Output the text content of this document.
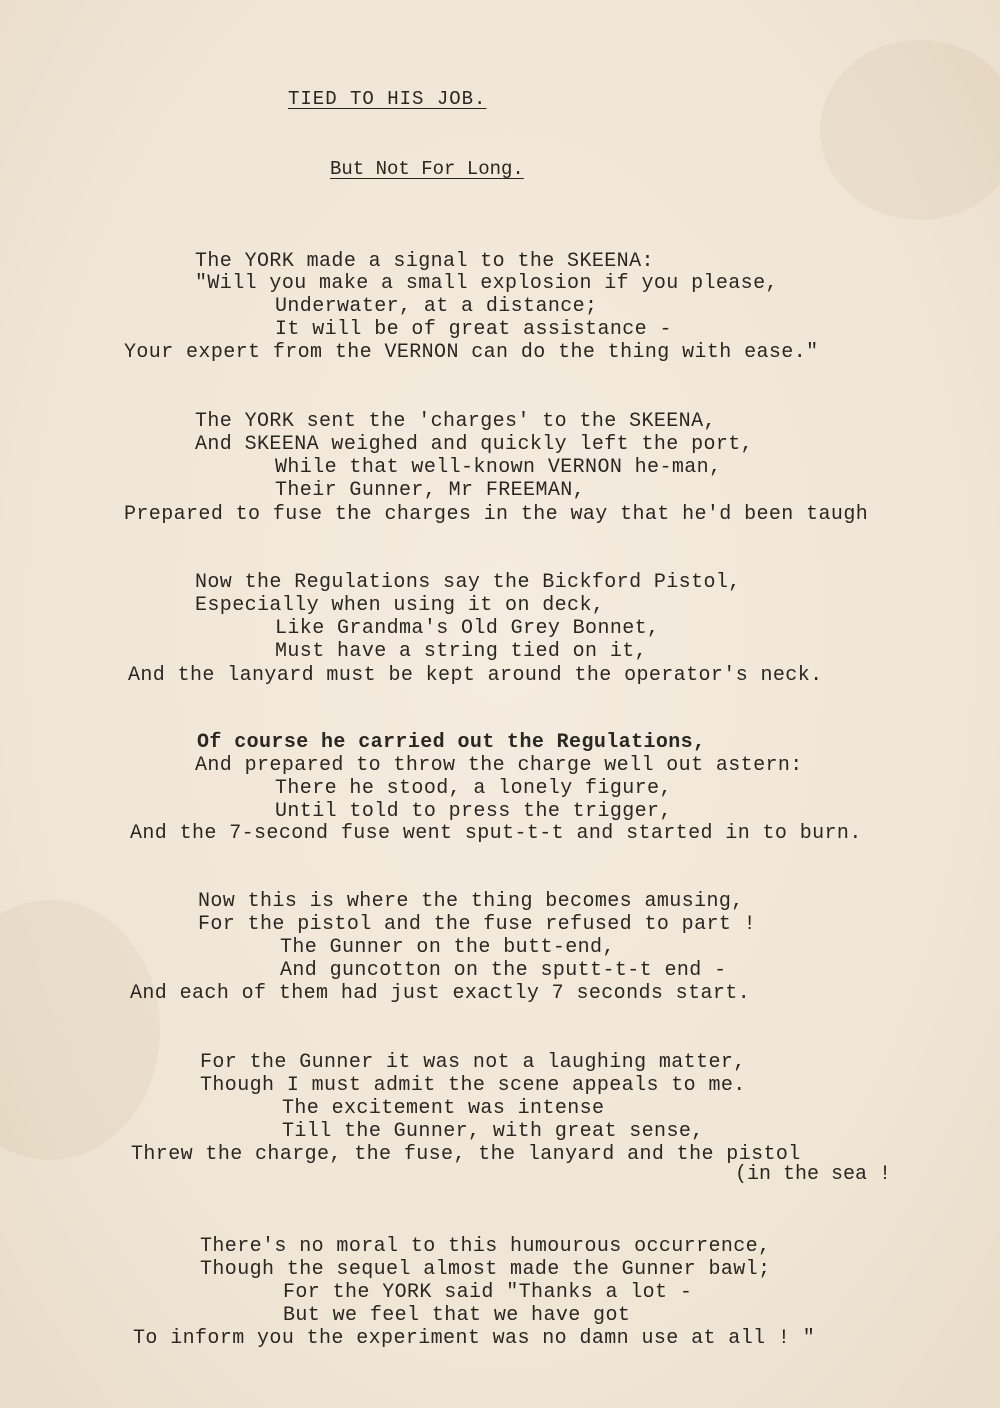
TIED TO HIS JOB.
But Not For Long.
The YORK made a signal to the SKEENA:
"Will you make a small explosion if you please,
Underwater, at a distance;
It will be of great assistance -
Your expert from the VERNON can do the thing with ease."
The YORK sent the 'charges' to the SKEENA,
And SKEENA weighed and quickly left the port,
While that well-known VERNON he-man,
Their Gunner, Mr FREEMAN,
Prepared to fuse the charges in the way that he'd been taugh
Now the Regulations say the Bickford Pistol,
Especially when using it on deck,
Like Grandma's Old Grey Bonnet,
Must have a string tied on it,
And the lanyard must be kept around the operator's neck.
Of course he carried out the Regulations,
And prepared to throw the charge well out astern:
There he stood, a lonely figure,
Until told to press the trigger,
And the 7-second fuse went sput-t-t and started in to burn.
Now this is where the thing becomes amusing,
For the pistol and the fuse refused to part !
The Gunner on the butt-end,
And guncotton on the sputt-t-t end -
And each of them had just exactly 7 seconds start.
For the Gunner it was not a laughing matter,
Though I must admit the scene appeals to me.
The excitement was intense
Till the Gunner, with great sense,
Threw the charge, the fuse, the lanyard and the pistol
(in the sea !
There's no moral to this humourous occurrence,
Though the sequel almost made the Gunner bawl;
For the YORK said "Thanks a lot -
But we feel that we have got
To inform you the experiment was no damn use at all ! "
